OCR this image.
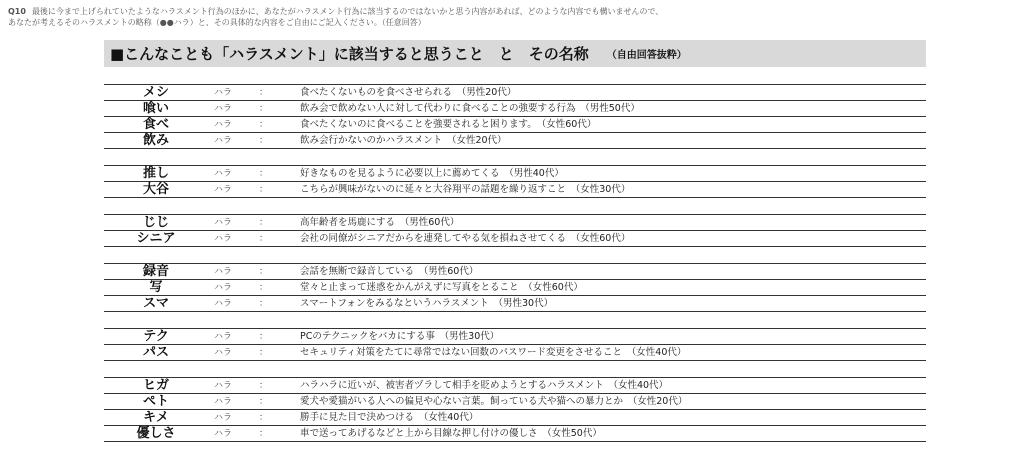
Q10 最後に今まで上げられていたようなハラスメント行為のほかに、あなたがハラスメント行為に該当するのではないかと思う内容があれば、どのような内容でも構いませんので、
あなたが考えるそのハラスメントの略称（●●ハラ）と、その具体的な内容をご自由にご記入ください。（任意回答）
■こんなことも「ハラスメント」に該当すると思うこと　と　その名称 （自由回答抜粋）
メシ	ハラ	：	食べたくないものを食べさせられる　（男性20代）
喰い	ハラ	：	飲み会で飲めない人に対して代わりに食べることの強要する行為　（男性50代）
食べ	ハラ	：	食べたくないのに食べることを強要されると困ります。　（女性60代）
飲み	ハラ	：	飲み会行かないのかハラスメント　（女性20代）
推し	ハラ	：	好きなものを見るように必要以上に薦めてくる　（男性40代）
大谷	ハラ	：	こちらが興味がないのに延々と大谷翔平の話題を繰り返すこと　（女性30代）
じじ	ハラ	：	高年齢者を馬鹿にする　（男性60代）
シニア	ハラ	：	会社の同僚がシニアだからを連発してやる気を損ねさせてくる　（女性60代）
録音	ハラ	：	会話を無断で録音している　（男性60代）
写	ハラ	：	堂々と止まって迷惑をかんがえずに写真をとること　（女性60代）
スマ	ハラ	：	スマートフォンをみるなというハラスメント　（男性30代）
テク	ハラ	：	PCのテクニックをバカにする事　（男性30代）
パス	ハラ	：	セキュリティ対策をたてに尋常ではない回数のパスワード変更をさせること　（女性40代）
ヒガ	ハラ	：	ハラハラに近いが、被害者ヅラして相手を貶めようとするハラスメント　（女性40代）
ペト	ハラ	：	愛犬や愛猫がいる人への偏見や心ない言葉。飼っている犬や猫への暴力とか　（女性20代）
キメ	ハラ	：	勝手に見た目で決めつける　（女性40代）
優しさ	ハラ	：	車で送ってあげるなどと上から目線な押し付けの優しさ　（女性50代）
